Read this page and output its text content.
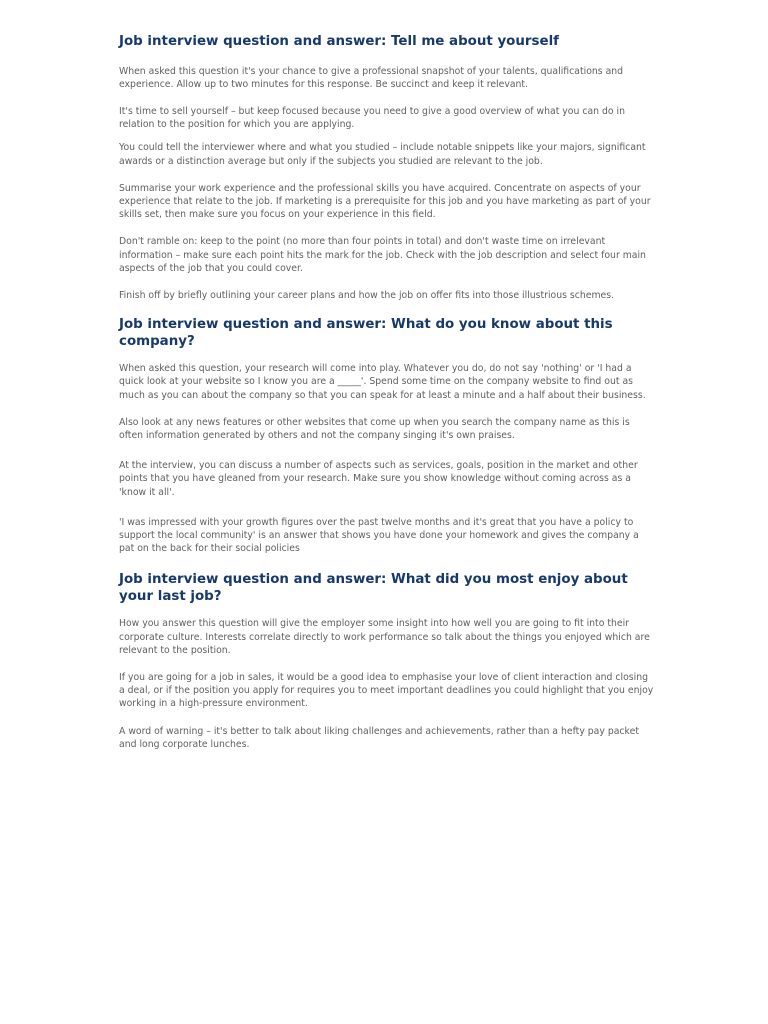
Job interview question and answer: Tell me about yourself

When asked this question it's your chance to give a professional snapshot of your talents, qualifications and experience. Allow up to two minutes for this response. Be succinct and keep it relevant.

It's time to sell yourself – but keep focused because you need to give a good overview of what you can do in relation to the position for which you are applying.

You could tell the interviewer where and what you studied – include notable snippets like your majors, significant awards or a distinction average but only if the subjects you studied are relevant to the job.

Summarise your work experience and the professional skills you have acquired. Concentrate on aspects of your experience that relate to the job. If marketing is a prerequisite for this job and you have marketing as part of your skills set, then make sure you focus on your experience in this field.

Don't ramble on: keep to the point (no more than four points in total) and don't waste time on irrelevant information – make sure each point hits the mark for the job. Check with the job description and select four main aspects of the job that you could cover.

Finish off by briefly outlining your career plans and how the job on offer fits into those illustrious schemes.

Job interview question and answer: What do you know about this company?

When asked this question, your research will come into play. Whatever you do, do not say 'nothing' or 'I had a quick look at your website so I know you are a _____'. Spend some time on the company website to find out as much as you can about the company so that you can speak for at least a minute and a half about their business.

Also look at any news features or other websites that come up when you search the company name as this is often information generated by others and not the company singing it's own praises.

At the interview, you can discuss a number of aspects such as services, goals, position in the market and other points that you have gleaned from your research. Make sure you show knowledge without coming across as a 'know it all'.

'I was impressed with your growth figures over the past twelve months and it's great that you have a policy to support the local community' is an answer that shows you have done your homework and gives the company a pat on the back for their social policies

Job interview question and answer: What did you most enjoy about your last job?

How you answer this question will give the employer some insight into how well you are going to fit into their corporate culture. Interests correlate directly to work performance so talk about the things you enjoyed which are relevant to the position.

If you are going for a job in sales, it would be a good idea to emphasise your love of client interaction and closing a deal, or if the position you apply for requires you to meet important deadlines you could highlight that you enjoy working in a high-pressure environment.

A word of warning – it's better to talk about liking challenges and achievements, rather than a hefty pay packet and long corporate lunches.
